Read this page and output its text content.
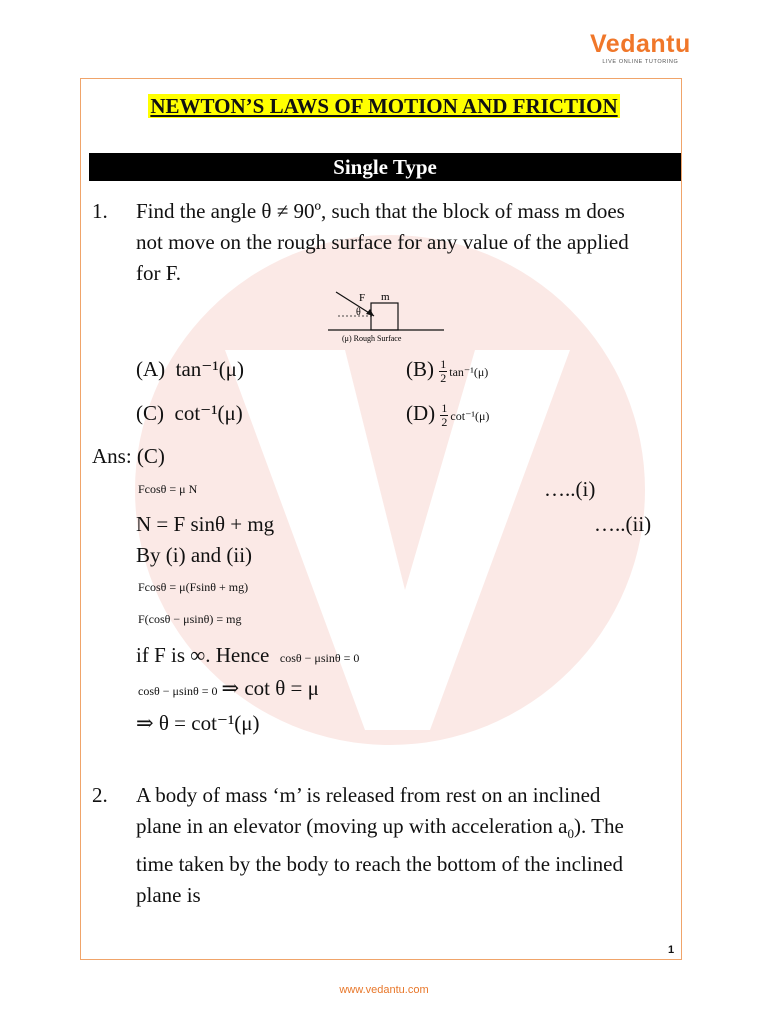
Vedantu
LIVE ONLINE TUTORING
NEWTON’S LAWS OF MOTION AND FRICTION
Single Type
1. Find the angle θ ≠ 90º, such that the block of mass m does
not move on the rough surface for any value of the applied
for F.
F m
θ
(μ) Rough Surface
(A) tan⁻¹(μ)	$(B) \frac{1}{2} \tan^{-1}(\mu)$
(C) cot⁻¹(μ)	$(D) \frac{1}{2} \cot^{-1}(\mu)$
Ans: (C)
Fcosθ = μ N	…..(i)
N = F sinθ + mg	…..(ii)
By (i) and (ii)
Fcosθ = μ(Fsinθ + mg)
F(cosθ − μsinθ) = mg
if F is ∞. Hence cosθ − μsinθ = 0
cosθ − μsinθ = 0 ⇒ cot θ = μ
⇒ θ = cot⁻¹(μ)
2. A body of mass ‘m’ is released from rest on an inclined
plane in an elevator (moving up with acceleration $a_0$). The
time taken by the body to reach the bottom of the inclined
plane is
1
www.vedantu.com
